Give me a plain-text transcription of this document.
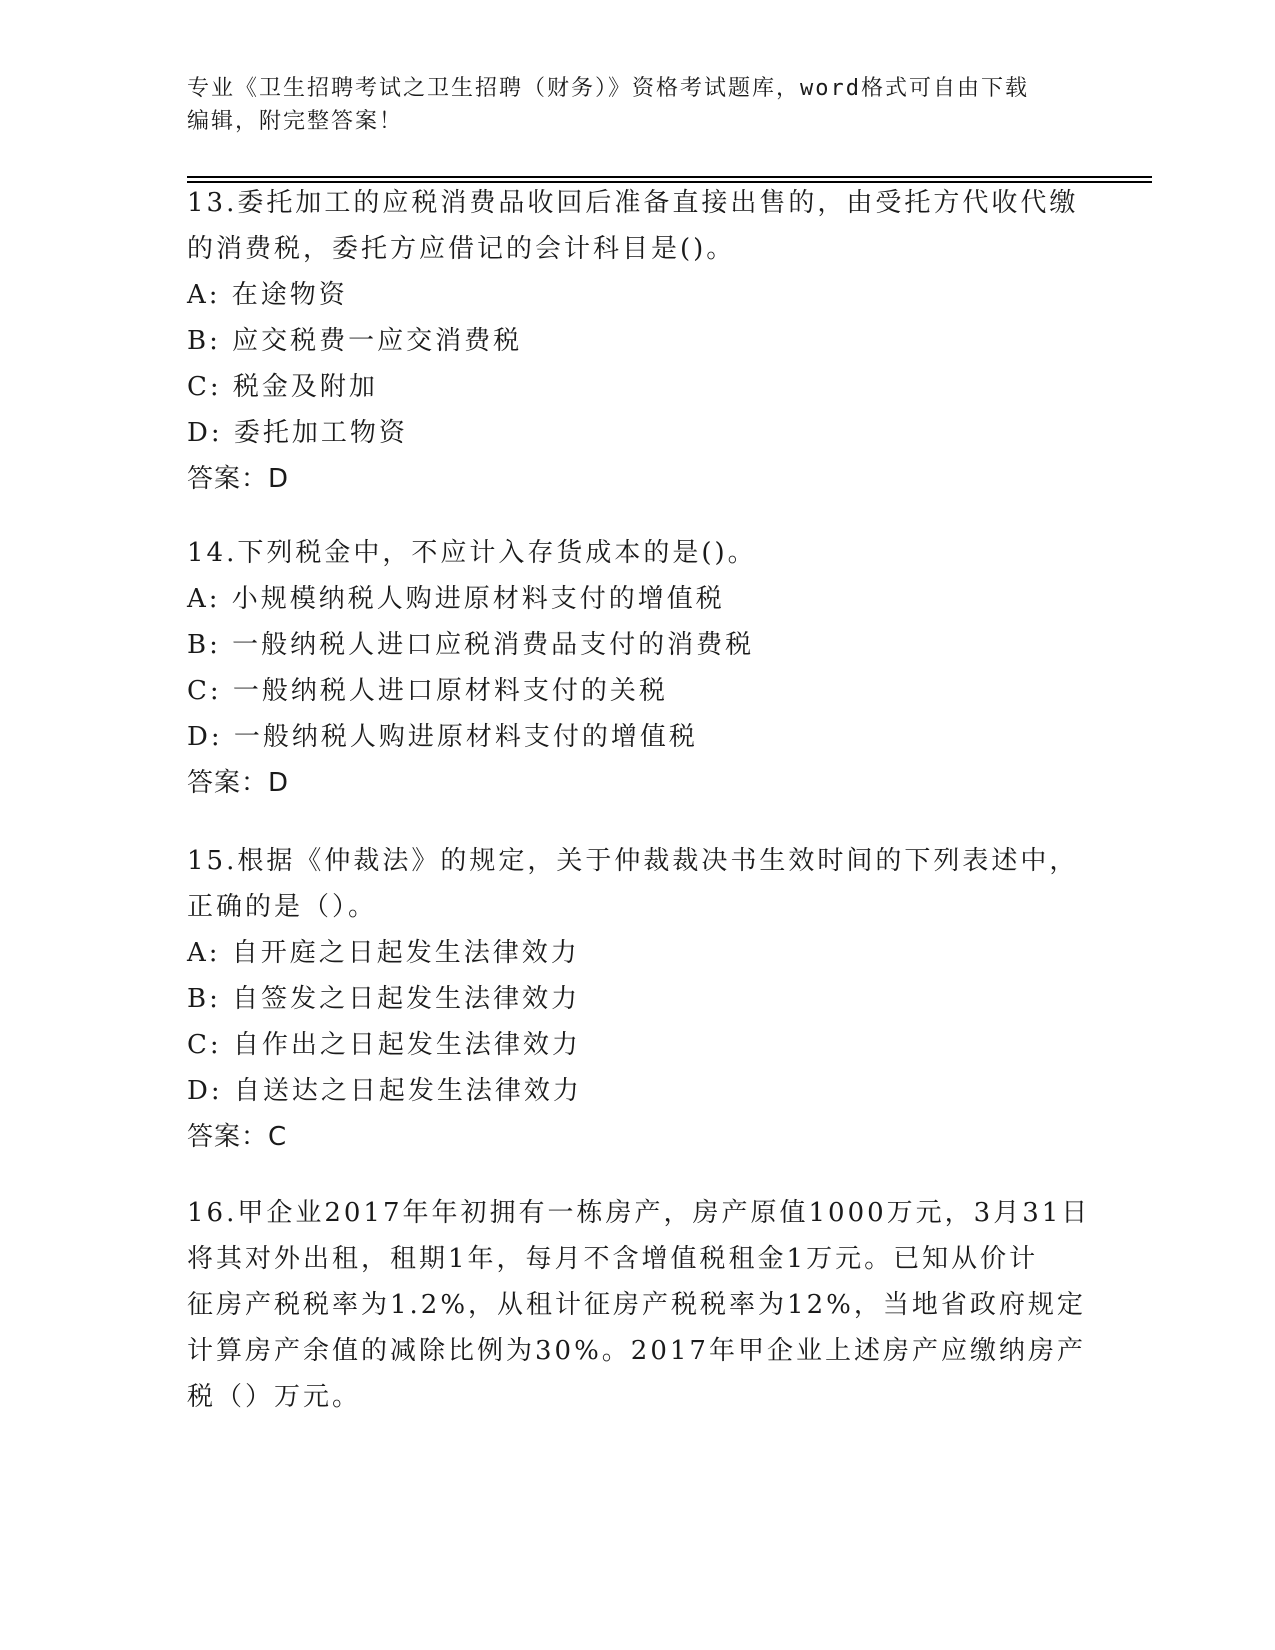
专业《卫生招聘考试之卫生招聘（财务）》资格考试题库，word格式可自由下载
编辑，附完整答案！
13.委托加工的应税消费品收回后准备直接出售的，由受托方代收代缴
的消费税，委托方应借记的会计科目是()。
A: 在途物资
B: 应交税费一应交消费税
C: 税金及附加
D: 委托加工物资
答案：D
14.下列税金中，不应计入存货成本的是()。
A: 小规模纳税人购进原材料支付的增值税
B: 一般纳税人进口应税消费品支付的消费税
C: 一般纳税人进口原材料支付的关税
D: 一般纳税人购进原材料支付的增值税
答案：D
15.根据《仲裁法》的规定，关于仲裁裁决书生效时间的下列表述中，
正确的是（）。
A: 自开庭之日起发生法律效力
B: 自签发之日起发生法律效力
C: 自作出之日起发生法律效力
D: 自送达之日起发生法律效力
答案：C
16.甲企业2017年年初拥有一栋房产，房产原值1000万元，3月31日
将其对外出租，租期1年，每月不含增值税租金1万元。已知从价计
征房产税税率为1.2%，从租计征房产税税率为12%，当地省政府规定
计算房产余值的减除比例为30%。2017年甲企业上述房产应缴纳房产
税（）万元。
